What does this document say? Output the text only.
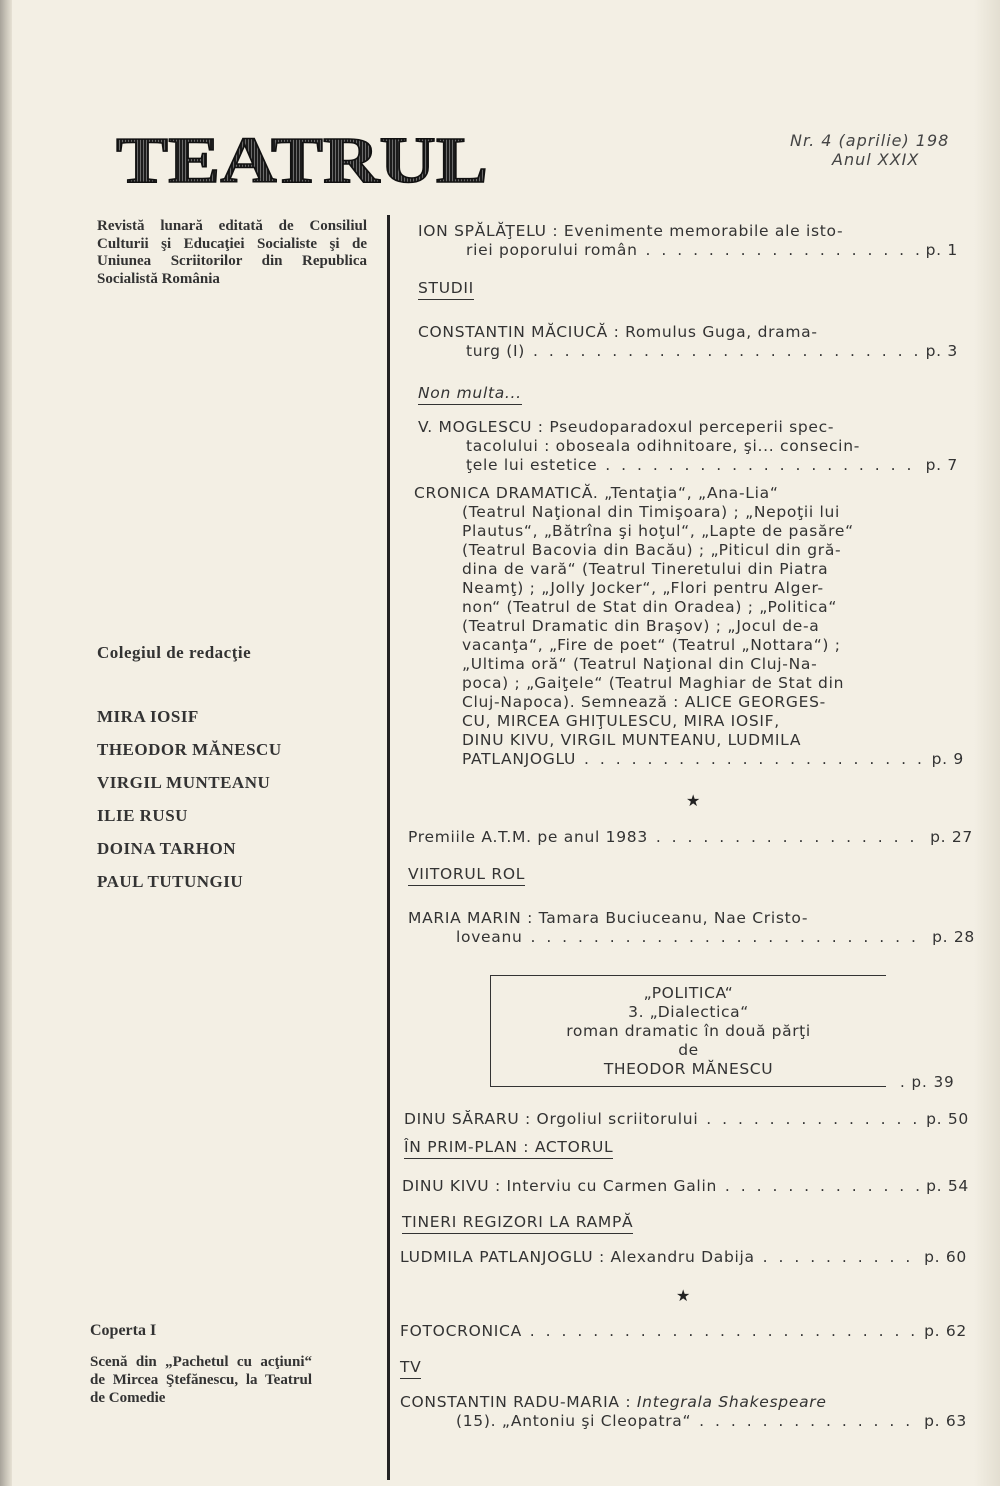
TEATRUL	Nr. 4 (aprilie) 198
Anul XXIX
Revistă lunară editată de Consiliul Culturii şi Educaţiei Socialiste şi de Uniunea Scriitorilor din Republica Socialistă România
Colegiul de redacţie
MIRA IOSIF
THEODOR MĂNESCU
VIRGIL MUNTEANU
ILIE RUSU
DOINA TARHON
PAUL TUTUNGIU
Coperta I
Scenă din „Pachetul cu acţiuni“ de Mircea Ştefănescu, la Teatrul de Comedie
ION SPĂLĂŢELU : Evenimente memorabile ale isto-
riei poporului român . . .	p. 1
STUDII
CONSTANTIN MĂCIUCĂ : Romulus Guga, drama-
turg (I) . . .	p. 3
Non multa...
V. MOGLESCU : Pseudoparadoxul perceperii spec-
tacolului : oboseala odihnitoare, şi... consecin-
ţele lui estetice . . .	p. 7
CRONICA DRAMATICĂ. „Tentaţia“, „Ana-Lia“
(Teatrul Naţional din Timişoara) ; „Nepoţii lui
Plautus“, „Bătrîna şi hoţul“, „Lapte de pasăre“
(Teatrul Bacovia din Bacău) ; „Piticul din gră-
dina de vară“ (Teatrul Tineretului din Piatra
Neamţ) ; „Jolly Jocker“, „Flori pentru Alger-
non“ (Teatrul de Stat din Oradea) ; „Politica“
(Teatrul Dramatic din Braşov) ; „Jocul de-a
vacanţa“, „Fire de poet“ (Teatrul „Nottara“) ;
„Ultima oră“ (Teatrul Naţional din Cluj-Na-
poca) ; „Gaiţele“ (Teatrul Maghiar de Stat din
Cluj-Napoca). Semnează : ALICE GEORGES-
CU, MIRCEA GHIŢULESCU, MIRA IOSIF,
DINU KIVU, VIRGIL MUNTEANU, LUDMILA
PATLANJOGLU . . .	p. 9
★
Premiile A.T.M. pe anul 1983 . . .	p. 27
VIITORUL ROL
MARIA MARIN : Tamara Buciuceanu, Nae Cristo-
loveanu . . .	p. 28
„POLITICA“
3. „Dialectica“
roman dramatic în două părţi
de
THEODOR MĂNESCU
. p. 39
DINU SĂRARU : Orgoliul scriitorului . . .	p. 50
ÎN PRIM-PLAN : ACTORUL
DINU KIVU : Interviu cu Carmen Galin . . .	p. 54
TINERI REGIZORI LA RAMPĂ
LUDMILA PATLANJOGLU : Alexandru Dabija . . .	p. 60
★
FOTOCRONICA . . .	p. 62
TV
CONSTANTIN RADU-MARIA : Integrala Shakespeare
(15). „Antoniu şi Cleopatra“ . . .	p. 63
